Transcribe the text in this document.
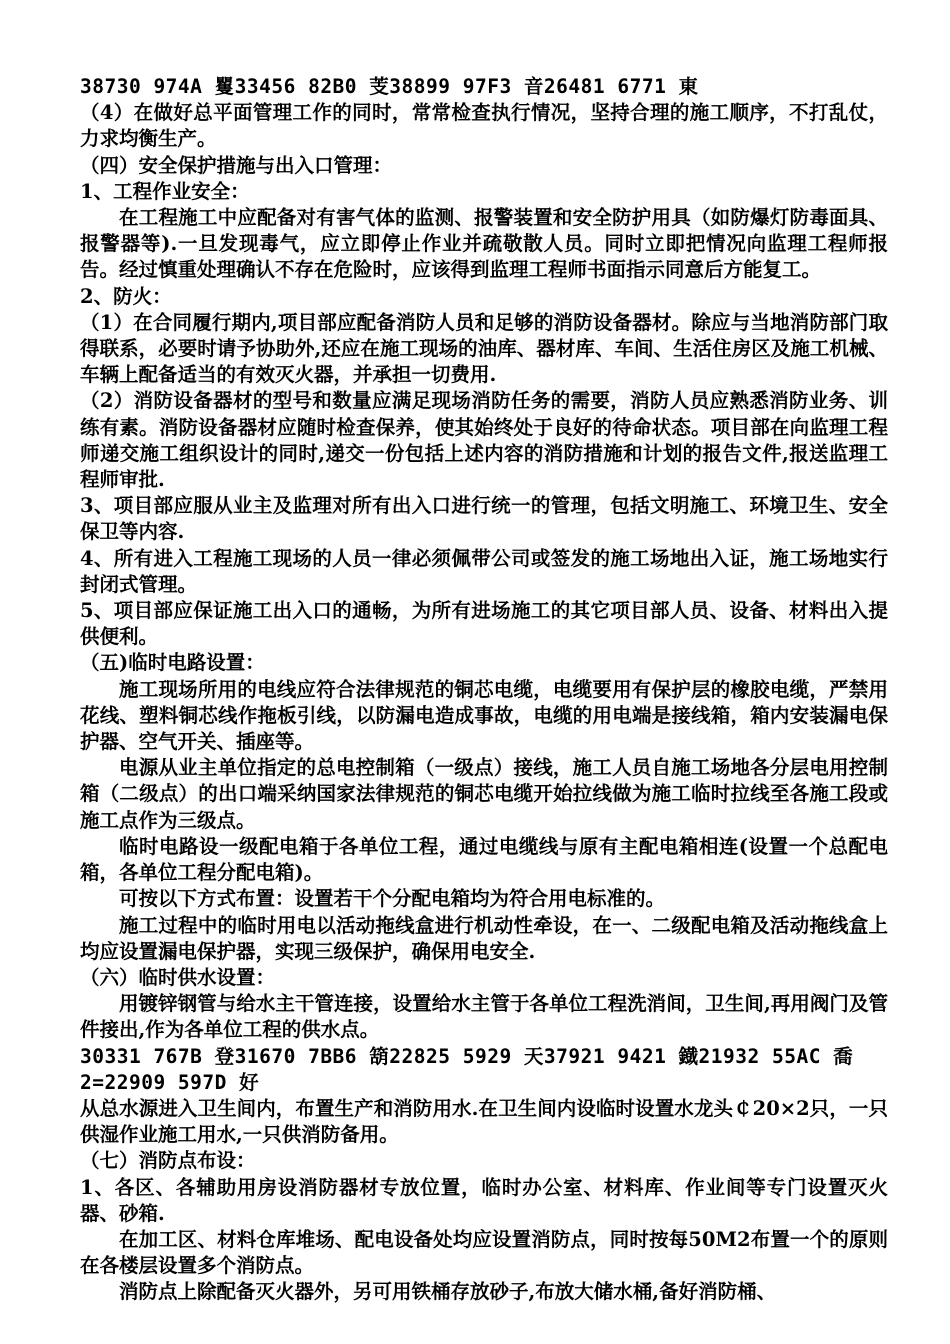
38730 974A 矍33456 82B0 芰38899 97F3 音26481 6771 東

（4）在做好总平面管理工作的同时，常常检查执行情况，坚持合理的施工顺序，不打乱仗，力求均衡生产。

（四）安全保护措施与出入口管理：

1、工程作业安全：

在工程施工中应配备对有害气体的监测、报警装置和安全防护用具（如防爆灯防毒面具、报警器等).一旦发现毒气，应立即停止作业并疏敬散人员。同时立即把情况向监理工程师报告。经过慎重处理确认不存在危险时，应该得到监理工程师书面指示同意后方能复工。

2、防火：

（1）在合同履行期内,项目部应配备消防人员和足够的消防设备器材。除应与当地消防部门取得联系，必要时请予协助外,还应在施工现场的油库、器材库、车间、生活住房区及施工机械、车辆上配备适当的有效灭火器，并承担一切费用.

（2）消防设备器材的型号和数量应满足现场消防任务的需要，消防人员应熟悉消防业务、训练有素。消防设备器材应随时检查保养，使其始终处于良好的待命状态。项目部在向监理工程师递交施工组织设计的同时,递交一份包括上述内容的消防措施和计划的报告文件,报送监理工程师审批.

3、项目部应服从业主及监理对所有出入口进行统一的管理，包括文明施工、环境卫生、安全保卫等内容.

4、所有进入工程施工现场的人员一律必须佩带公司或签发的施工场地出入证，施工场地实行封闭式管理。

5、项目部应保证施工出入口的通畅，为所有进场施工的其它项目部人员、设备、材料出入提供便利。

（五)临时电路设置：

施工现场所用的电线应符合法律规范的铜芯电缆，电缆要用有保护层的橡胶电缆，严禁用花线、塑料铜芯线作拖板引线，以防漏电造成事故，电缆的用电端是接线箱，箱内安装漏电保护器、空气开关、插座等。

电源从业主单位指定的总电控制箱（一级点）接线，施工人员自施工场地各分层电用控制箱（二级点）的出口端采纳国家法律规范的铜芯电缆开始拉线做为施工临时拉线至各施工段或施工点作为三级点。

临时电路设一级配电箱于各单位工程，通过电缆线与原有主配电箱相连(设置一个总配电箱，各单位工程分配电箱)。

可按以下方式布置：设置若干个分配电箱均为符合用电标准的。

施工过程中的临时用电以活动拖线盒进行机动性牵设，在一、二级配电箱及活动拖线盒上均应设置漏电保护器，实现三级保护，确保用电安全.

（六）临时供水设置：

用镀锌钢管与给水主干管连接，设置给水主管于各单位工程洗消间，卫生间,再用阀门及管件接出,作为各单位工程的供水点。

30331 767B 登31670 7BB6 箶22825 5929 天37921 9421 鐡21932 55AC 喬

2=22909 597D 好

从总水源进入卫生间内，布置生产和消防用水.在卫生间内设临时设置水龙头￠20×2只，一只供湿作业施工用水,一只供消防备用。

（七）消防点布设：

1、各区、各辅助用房设消防器材专放位置，临时办公室、材料库、作业间等专门设置灭火器、砂箱.

在加工区、材料仓库堆场、配电设备处均应设置消防点，同时按每50M2布置一个的原则在各楼层设置多个消防点。

消防点上除配备灭火器外，另可用铁桶存放砂子,布放大储水桶,备好消防桶、
